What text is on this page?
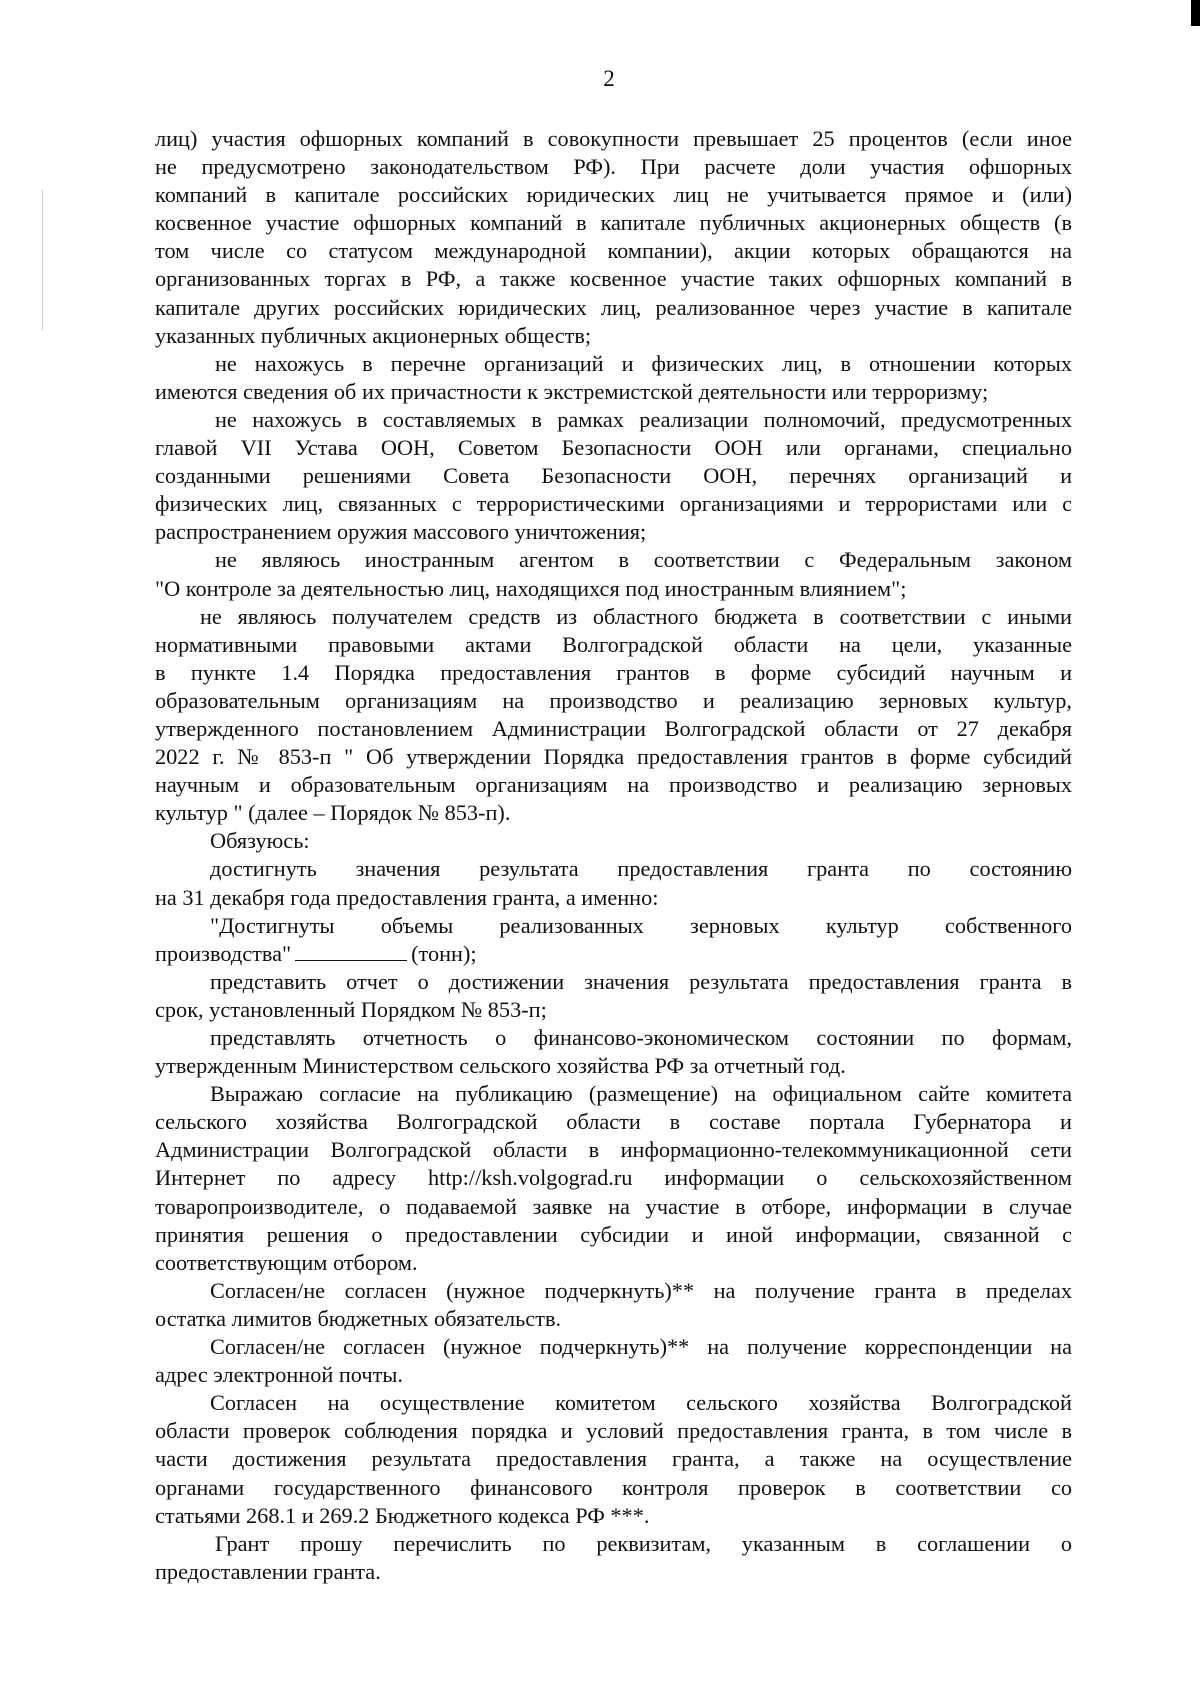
2

лиц) участия офшорных компаний в совокупности превышает 25 процентов (если иное
не предусмотрено законодательством РФ). При расчете доли участия офшорных
компаний в капитале российских юридических лиц не учитывается прямое и (или)
косвенное участие офшорных компаний в капитале публичных акционерных обществ (в
том числе со статусом международной компании), акции которых обращаются на
организованных торгах в РФ, а также косвенное участие таких офшорных компаний в
капитале других российских юридических лиц, реализованное через участие в капитале
указанных публичных акционерных обществ;

не нахожусь в перечне организаций и физических лиц, в отношении которых
имеются сведения об их причастности к экстремистской деятельности или терроризму;

не нахожусь в составляемых в рамках реализации полномочий, предусмотренных
главой VII Устава ООН, Советом Безопасности ООН или органами, специально
созданными решениями Совета Безопасности ООН, перечнях организаций и
физических лиц, связанных с террористическими организациями и террористами или с
распространением оружия массового уничтожения;

не являюсь иностранным агентом в соответствии с Федеральным законом
"О контроле за деятельностью лиц, находящихся под иностранным влиянием";

не являюсь получателем средств из областного бюджета в соответствии с иными
нормативными правовыми актами Волгоградской области на цели, указанные
в пункте 1.4 Порядка предоставления грантов в форме субсидий научным и
образовательным организациям на производство и реализацию зерновых культур,
утвержденного постановлением Администрации Волгоградской области от 27 декабря
2022 г. № 853-п " Об утверждении Порядка предоставления грантов в форме субсидий
научным и образовательным организациям на производство и реализацию зерновых
культур " (далее – Порядок № 853-п).

Обязуюсь:

достигнуть значения результата предоставления гранта по состоянию
на 31 декабря года предоставления гранта, а именно:

"Достигнуты объемы реализованных зерновых культур собственного
производства"	(тонн);

представить отчет о достижении значения результата предоставления гранта в
срок, установленный Порядком № 853-п;

представлять отчетность о финансово-экономическом состоянии по формам,
утвержденным Министерством сельского хозяйства РФ за отчетный год.

Выражаю согласие на публикацию (размещение) на официальном сайте комитета
сельского хозяйства Волгоградской области в составе портала Губернатора и
Администрации Волгоградской области в информационно-телекоммуникационной сети
Интернет по адресу http://ksh.volgograd.ru информации о сельскохозяйственном
товаропроизводителе, о подаваемой заявке на участие в отборе, информации в случае
принятия решения о предоставлении субсидии и иной информации, связанной с
соответствующим отбором.

Согласен/не согласен (нужное подчеркнуть)** на получение гранта в пределах
остатка лимитов бюджетных обязательств.

Согласен/не согласен (нужное подчеркнуть)** на получение корреспонденции на
адрес электронной почты.

Согласен на осуществление комитетом сельского хозяйства Волгоградской
области проверок соблюдения порядка и условий предоставления гранта, в том числе в
части достижения результата предоставления гранта, а также на осуществление
органами государственного финансового контроля проверок в соответствии со
статьями 268.1 и 269.2 Бюджетного кодекса РФ ***.

Грант прошу перечислить по реквизитам, указанным в соглашении о
предоставлении гранта.
